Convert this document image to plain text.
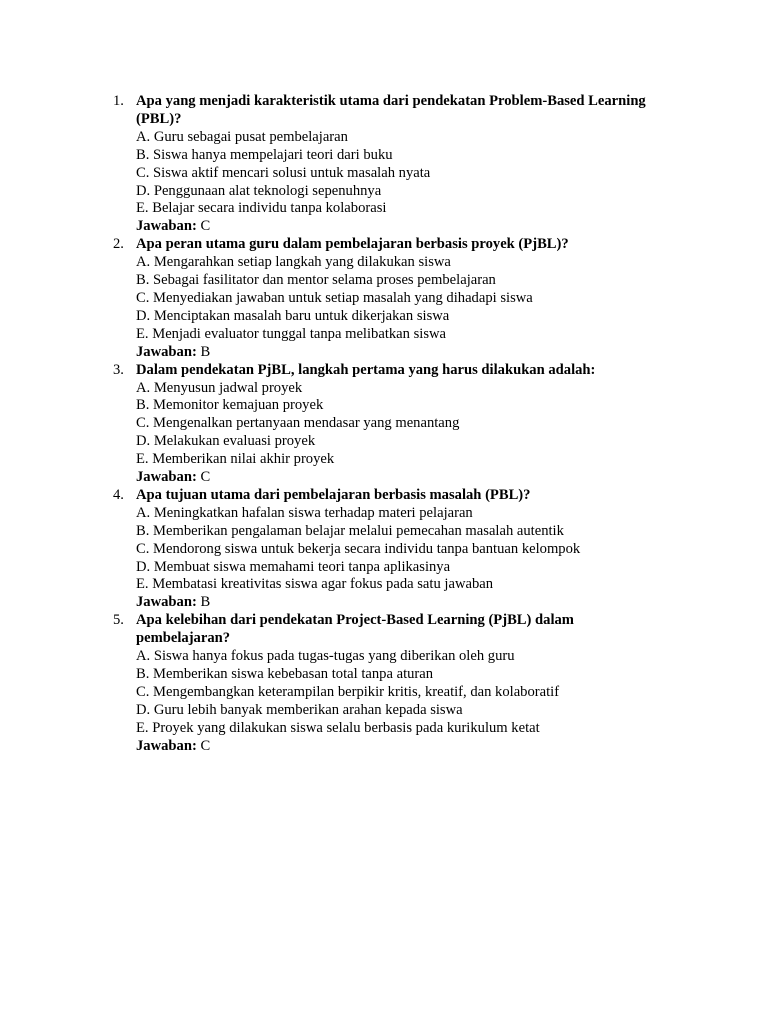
1. Apa yang menjadi karakteristik utama dari pendekatan Problem-Based Learning (PBL)?
A. Guru sebagai pusat pembelajaran
B. Siswa hanya mempelajari teori dari buku
C. Siswa aktif mencari solusi untuk masalah nyata
D. Penggunaan alat teknologi sepenuhnya
E. Belajar secara individu tanpa kolaborasi
Jawaban: C
2. Apa peran utama guru dalam pembelajaran berbasis proyek (PjBL)?
A. Mengarahkan setiap langkah yang dilakukan siswa
B. Sebagai fasilitator dan mentor selama proses pembelajaran
C. Menyediakan jawaban untuk setiap masalah yang dihadapi siswa
D. Menciptakan masalah baru untuk dikerjakan siswa
E. Menjadi evaluator tunggal tanpa melibatkan siswa
Jawaban: B
3. Dalam pendekatan PjBL, langkah pertama yang harus dilakukan adalah:
A. Menyusun jadwal proyek
B. Memonitor kemajuan proyek
C. Mengenalkan pertanyaan mendasar yang menantang
D. Melakukan evaluasi proyek
E. Memberikan nilai akhir proyek
Jawaban: C
4. Apa tujuan utama dari pembelajaran berbasis masalah (PBL)?
A. Meningkatkan hafalan siswa terhadap materi pelajaran
B. Memberikan pengalaman belajar melalui pemecahan masalah autentik
C. Mendorong siswa untuk bekerja secara individu tanpa bantuan kelompok
D. Membuat siswa memahami teori tanpa aplikasinya
E. Membatasi kreativitas siswa agar fokus pada satu jawaban
Jawaban: B
5. Apa kelebihan dari pendekatan Project-Based Learning (PjBL) dalam pembelajaran?
A. Siswa hanya fokus pada tugas-tugas yang diberikan oleh guru
B. Memberikan siswa kebebasan total tanpa aturan
C. Mengembangkan keterampilan berpikir kritis, kreatif, dan kolaboratif
D. Guru lebih banyak memberikan arahan kepada siswa
E. Proyek yang dilakukan siswa selalu berbasis pada kurikulum ketat
Jawaban: C
